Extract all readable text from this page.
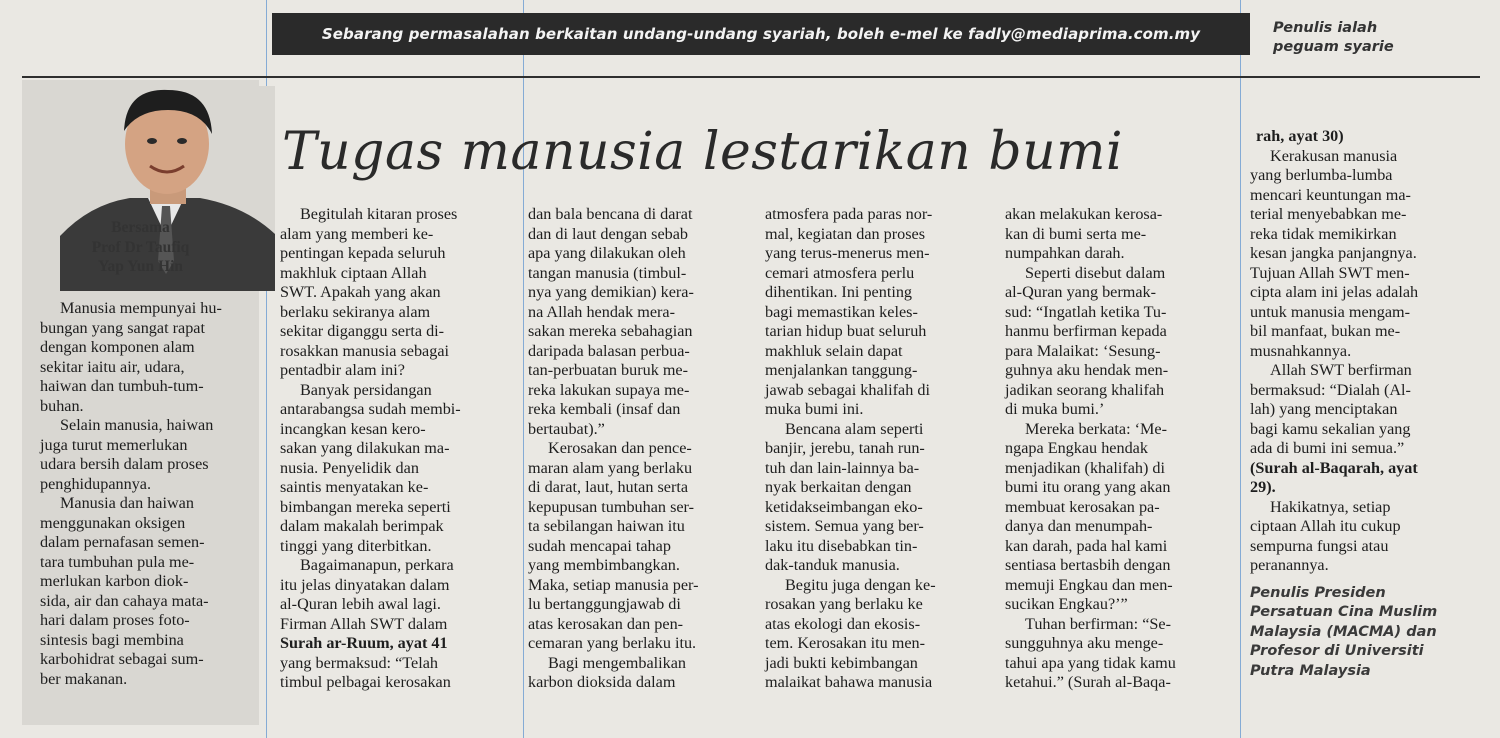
Sebarang permasalahan berkaitan undang-undang syariah, boleh e-mel ke fadly@mediaprima.com.my	Penulis ialah
peguam syarie
Bersama
Prof Dr Taufiq
Yap Yun Hin
Tugas manusia lestarikan bumi

Manusia mempunyai hu-

bungan yang sangat rapat

dengan komponen alam

sekitar iaitu air, udara,

haiwan dan tumbuh-tum-

buhan.

Selain manusia, haiwan

juga turut memerlukan

udara bersih dalam proses

penghidupannya.

Manusia dan haiwan

menggunakan oksigen

dalam pernafasan semen-

tara tumbuhan pula me-

merlukan karbon diok-

sida, air dan cahaya mata-

hari dalam proses foto-

sintesis bagi membina

karbohidrat sebagai sum-

ber makanan.

Begitulah kitaran proses

alam yang memberi ke-

pentingan kepada seluruh

makhluk ciptaan Allah

SWT. Apakah yang akan

berlaku sekiranya alam

sekitar diganggu serta di-

rosakkan manusia sebagai

pentadbir alam ini?

Banyak persidangan

antarabangsa sudah membi-

incangkan kesan kero-

sakan yang dilakukan ma-

nusia. Penyelidik dan

saintis menyatakan ke-

bimbangan mereka seperti

dalam makalah berimpak

tinggi yang diterbitkan.

Bagaimanapun, perkara

itu jelas dinyatakan dalam

al-Quran lebih awal lagi.

Firman Allah SWT dalam

Surah ar-Ruum, ayat 41

yang bermaksud: “Telah

timbul pelbagai kerosakan

dan bala bencana di darat

dan di laut dengan sebab

apa yang dilakukan oleh

tangan manusia (timbul-

nya yang demikian) kera-

na Allah hendak mera-

sakan mereka sebahagian

daripada balasan perbua-

tan-perbuatan buruk me-

reka lakukan supaya me-

reka kembali (insaf dan

bertaubat).”

Kerosakan dan pence-

maran alam yang berlaku

di darat, laut, hutan serta

kepupusan tumbuhan ser-

ta sebilangan haiwan itu

sudah mencapai tahap

yang membimbangkan.

Maka, setiap manusia per-

lu bertanggungjawab di

atas kerosakan dan pen-

cemaran yang berlaku itu.

Bagi mengembalikan

karbon dioksida dalam

atmosfera pada paras nor-

mal, kegiatan dan proses

yang terus-menerus men-

cemari atmosfera perlu

dihentikan. Ini penting

bagi memastikan keles-

tarian hidup buat seluruh

makhluk selain dapat

menjalankan tanggung-

jawab sebagai khalifah di

muka bumi ini.

Bencana alam seperti

banjir, jerebu, tanah run-

tuh dan lain-lainnya ba-

nyak berkaitan dengan

ketidakseimbangan eko-

sistem. Semua yang ber-

laku itu disebabkan tin-

dak-tanduk manusia.

Begitu juga dengan ke-

rosakan yang berlaku ke

atas ekologi dan ekosis-

tem. Kerosakan itu men-

jadi bukti kebimbangan

malaikat bahawa manusia

akan melakukan kerosa-

kan di bumi serta me-

numpahkan darah.

Seperti disebut dalam

al-Quran yang bermak-

sud: “Ingatlah ketika Tu-

hanmu berfirman kepada

para Malaikat: ‘Sesung-

guhnya aku hendak men-

jadikan seorang khalifah

di muka bumi.’

Mereka berkata: ‘Me-

ngapa Engkau hendak

menjadikan (khalifah) di

bumi itu orang yang akan

membuat kerosakan pa-

danya dan menumpah-

kan darah, pada hal kami

sentiasa bertasbih dengan

memuji Engkau dan men-

sucikan Engkau?’”

Tuhan berfirman: “Se-

sungguhnya aku menge-

tahui apa yang tidak kamu

ketahui.” (Surah al-Baqa-

rah, ayat 30)

Kerakusan manusia

yang berlumba-lumba

mencari keuntungan ma-

terial menyebabkan me-

reka tidak memikirkan

kesan jangka panjangnya.

Tujuan Allah SWT men-

cipta alam ini jelas adalah

untuk manusia mengam-

bil manfaat, bukan me-

musnahkannya.

Allah SWT berfirman

bermaksud: “Dialah (Al-

lah) yang menciptakan

bagi kamu sekalian yang

ada di bumi ini semua.”

(Surah al-Baqarah, ayat

29).

Hakikatnya, setiap

ciptaan Allah itu cukup

sempurna fungsi atau

peranannya.

Penulis Presiden
Persatuan Cina Muslim
Malaysia (MACMA) dan
Profesor di Universiti
Putra Malaysia
